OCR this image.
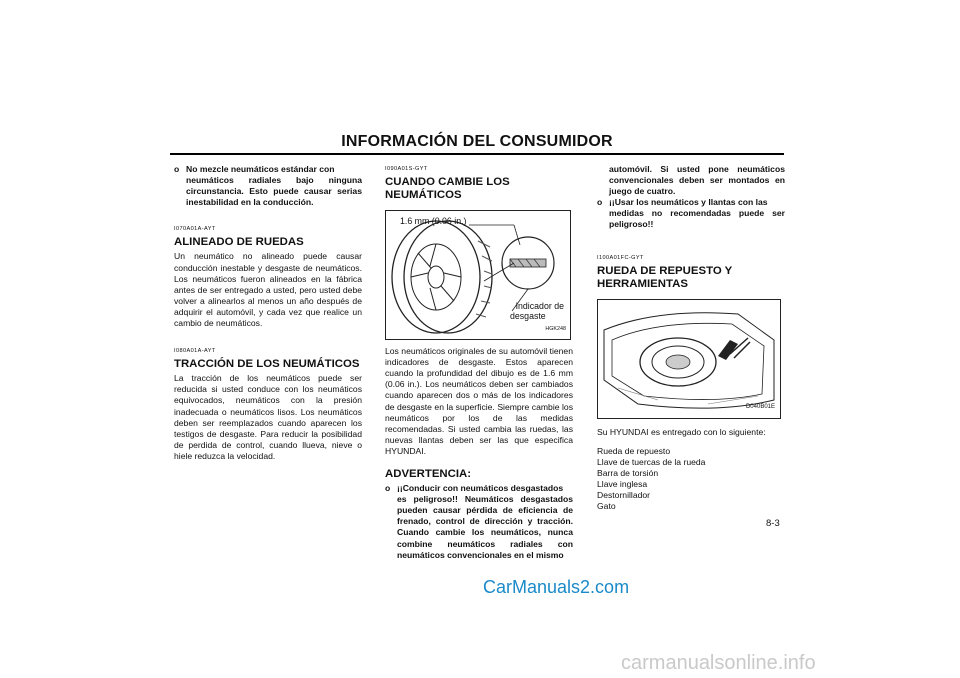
INFORMACIÓN DEL CONSUMIDOR
o No mezcle neumáticos estándar con

neumáticos radiales bajo ninguna circunstancia. Esto puede causar serias inestabilidad en la conducción.

I070A01A-AYT
ALINEADO DE RUEDAS

Un neumático no alineado puede causar conducción inestable y desgaste de neumáticos. Los neumáticos fueron alineados en la fábrica antes de ser entregado a usted, pero usted debe volver a alinearlos al menos un año después de adquirir el automóvil, y cada vez que realice un cambio de neumáticos.

I080A01A-AYT
TRACCIÓN DE LOS NEUMÁTICOS

La tracción de los neumáticos puede ser reducida si usted conduce con los neumáticos equivocados, neumáticos con la presión inadecuada o neumáticos lisos. Los neumáticos deben ser reemplazados cuando aparecen los testigos de desgaste. Para reducir la posibilidad de perdida de control, cuando llueva, nieve o hiele reduzca la velocidad.

I090A01S-GYT
CUANDO CAMBIE LOS NEUMÁTICOS
1.6 mm (0.06 in.)
Indicador de
desgaste
HGK248

Los neumáticos originales de su automóvil tienen indicadores de desgaste. Estos aparecen cuando la profundidad del dibujo es de 1.6 mm (0.06 in.). Los neumáticos deben ser cambiados cuando aparecen dos o más de los indicadores de desgaste en la superficie. Siempre cambie los neumáticos por los de las medidas recomendadas. Si usted cambia las ruedas, las nuevas llantas deben ser las que especifica HYUNDAI.

ADVERTENCIA:
o ¡¡Conducir con neumáticos desgastados

es peligroso!! Neumáticos desgastados pueden causar pérdida de eficiencia de frenado, control de dirección y tracción. Cuando cambie los neumáticos, nunca combine neumáticos radiales con neumáticos convencionales en el mismo

automóvil. Si usted pone neumáticos convencionales deben ser montados en juego de cuatro.

o ¡¡Usar los neumáticos y llantas con las

medidas no recomendadas puede ser peligroso!!

I100A01FC-GYT
RUEDA DE REPUESTO Y
HERRAMIENTAS
D040B01E

Su HYUNDAI es entregado con lo siguiente:

Rueda de repuesto
Llave de tuercas de la rueda
Barra de torsión
Llave inglesa
Destornillador
Gato
8-3
CarManuals2.com
carmanualsonline.info
